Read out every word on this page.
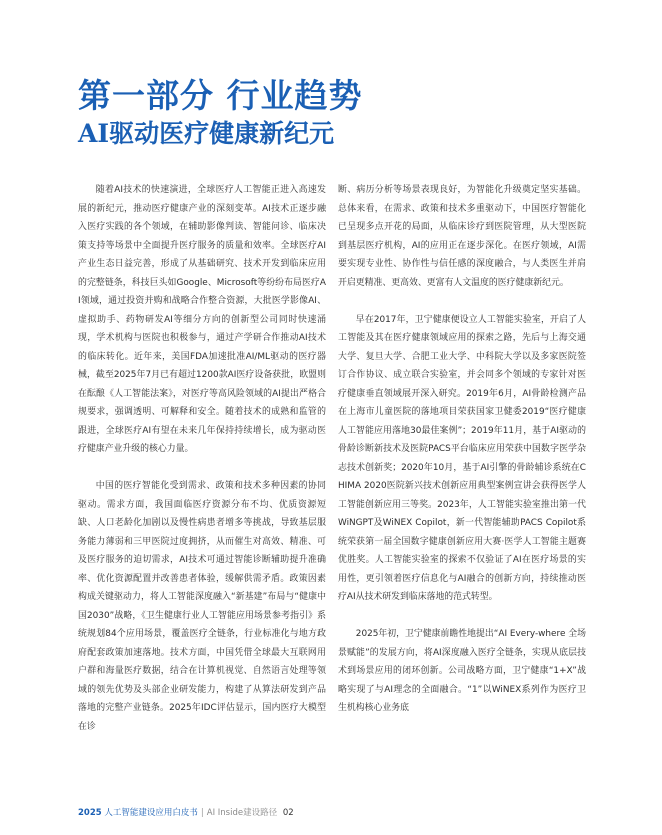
第一部分 行业趋势
AI驱动医疗健康新纪元

随着AI技术的快速演进，全球医疗人工智能正进入高速发展的新纪元，推动医疗健康产业的深刻变革。AI技术正逐步融入医疗实践的各个领域，在辅助影像判读、智能问诊、临床决策支持等场景中全面提升医疗服务的质量和效率。全球医疗AI产业生态日益完善，形成了从基础研究、技术开发到临床应用的完整链条，科技巨头如Google、Microsoft等纷纷布局医疗AI领域，通过投资并购和战略合作整合资源，大批医学影像AI、虚拟助手、药物研发AI等细分方向的创新型公司同时快速涌现，学术机构与医院也积极参与，通过产学研合作推动AI技术的临床转化。近年来，美国FDA加速批准AI/ML驱动的医疗器械，截至2025年7月已有超过1200款AI医疗设备获批，欧盟则在酝酿《人工智能法案》，对医疗等高风险领域的AI提出严格合规要求，强调透明、可解释和安全。随着技术的成熟和监管的跟进，全球医疗AI有望在未来几年保持持续增长，成为驱动医疗健康产业升级的核心力量。

中国的医疗智能化受到需求、政策和技术多种因素的协同驱动。需求方面，我国面临医疗资源分布不均、优质资源短缺、人口老龄化加剧以及慢性病患者增多等挑战，导致基层服务能力薄弱和三甲医院过度拥挤，从而催生对高效、精准、可及医疗服务的迫切需求，AI技术可通过智能诊断辅助提升准确率、优化资源配置并改善患者体验，缓解供需矛盾。政策因素构成关键驱动力，将人工智能深度融入“新基建”布局与“健康中国2030”战略，《卫生健康行业人工智能应用场景参考指引》系统规划84个应用场景，覆盖医疗全链条，行业标准化与地方政府配套政策加速落地。技术方面，中国凭借全球最大互联网用户群和海量医疗数据，结合在计算机视觉、自然语言处理等领域的领先优势及头部企业研发能力，构建了从算法研发到产品落地的完整产业链条。2025年IDC评估显示，国内医疗大模型在诊

断、病历分析等场景表现良好，为智能化升级奠定坚实基础。总体来看，在需求、政策和技术多重驱动下，中国医疗智能化已呈现多点开花的局面，从临床诊疗到医院管理，从大型医院到基层医疗机构，AI的应用正在逐步深化。在医疗领域，AI需要实现专业性、协作性与信任感的深度融合，与人类医生并肩开启更精准、更高效、更富有人文温度的医疗健康新纪元。

早在2017年，卫宁健康便设立人工智能实验室，开启了人工智能及其在医疗健康领域应用的探索之路，先后与上海交通大学、复旦大学、合肥工业大学、中科院大学以及多家医院签订合作协议、成立联合实验室，并会同多个领域的专家针对医疗健康垂直领域展开深入研究。2019年6月，AI骨龄检测产品在上海市儿童医院的落地项目荣获国家卫健委2019“医疗健康人工智能应用落地30最佳案例”；2019年11月，基于AI驱动的骨龄诊断新技术及医院PACS平台临床应用荣获中国数字医学杂志技术创新奖；2020年10月，基于AI引擎的骨龄辅诊系统在CHIMA 2020医院新兴技术创新应用典型案例宣讲会获得医学人工智能创新应用三等奖。2023年，人工智能实验室推出第一代WiNGPT及WiNEX Copilot，新一代智能辅助PACS Copilot系统荣获第一届全国数字健康创新应用大赛·医学人工智能主题赛优胜奖。人工智能实验室的探索不仅验证了AI在医疗场景的实用性，更引领着医疗信息化与AI融合的创新方向，持续推动医疗AI从技术研发到临床落地的范式转型。

2025年初，卫宁健康前瞻性地提出“AI Every-where 全场景赋能”的发展方向，将AI深度融入医疗全链条，实现从底层技术到场景应用的闭环创新。公司战略方面，卫宁健康“1+X”战略实现了与AI理念的全面融合。“1”以WiNEX系列作为医疗卫生机构核心业务底

2025 人工智能建设应用白皮书 | AI Inside建设路径 02
